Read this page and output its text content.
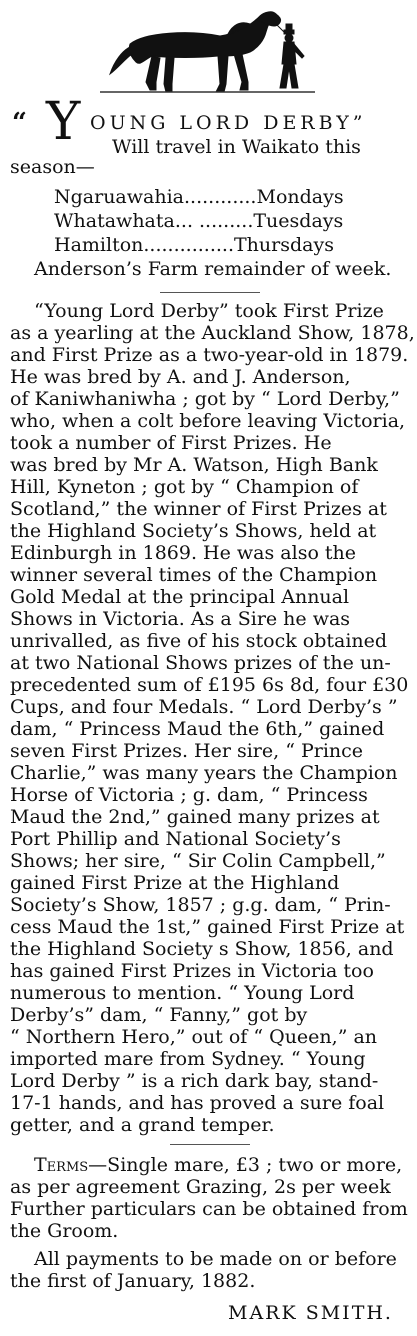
“ Y OUNG LORD DERBY”
Will travel in Waikato this
season—
Ngaruawahia............Mondays
Whatawhata... .........Tuesdays
Hamilton...............Thursdays
Anderson’s Farm remainder of week.
“Young Lord Derby” took First Prize
as a yearling at the Auckland Show, 1878,
and First Prize as a two-year-old in 1879.
He was bred by A. and J. Anderson,
of Kaniwhaniwha ; got by “ Lord Derby,”
who, when a colt before leaving Victoria,
took a number of First Prizes. He
was bred by Mr A. Watson, High Bank
Hill, Kyneton ; got by “ Champion of
Scotland,” the winner of First Prizes at
the Highland Society’s Shows, held at
Edinburgh in 1869. He was also the
winner several times of the Champion
Gold Medal at the principal Annual
Shows in Victoria. As a Sire he was
unrivalled, as five of his stock obtained
at two National Shows prizes of the un-
precedented sum of £195 6s 8d, four £30
Cups, and four Medals. “ Lord Derby’s ”
dam, “ Princess Maud the 6th,” gained
seven First Prizes. Her sire, “ Prince
Charlie,” was many years the Champion
Horse of Victoria ; g. dam, “ Princess
Maud the 2nd,” gained many prizes at
Port Phillip and National Society’s
Shows; her sire, “ Sir Colin Campbell,”
gained First Prize at the Highland
Society’s Show, 1857 ; g.g. dam, “ Prin-
cess Maud the 1st,” gained First Prize at
the Highland Society s Show, 1856, and
has gained First Prizes in Victoria too
numerous to mention. “ Young Lord
Derby’s” dam, “ Fanny,” got by
“ Northern Hero,” out of “ Queen,” an
imported mare from Sydney. “ Young
Lord Derby ” is a rich dark bay, stand-
17-1 hands, and has proved a sure foal
getter, and a grand temper.
Terms—Single mare, £3 ; two or more,
as per agreement Grazing, 2s per week
Further particulars can be obtained from
the Groom.
All payments to be made on or before
the first of January, 1882.
MARK SMITH.
